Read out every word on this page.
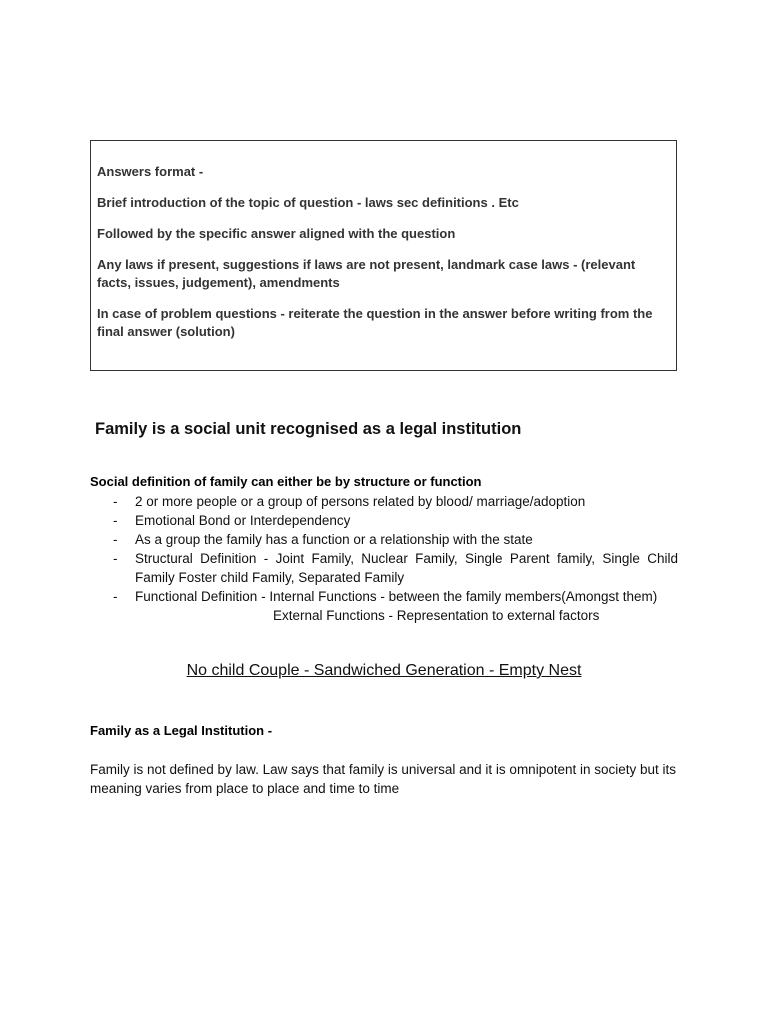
Answers format -

Brief introduction of the topic of question - laws sec definitions . Etc

Followed by the specific answer aligned with the question

Any laws if present, suggestions if laws are not present, landmark case laws - (relevant facts, issues, judgement), amendments

In case of problem questions - reiterate the question in the answer before writing from the final answer (solution)

Family is a social unit recognised as a legal institution
Social definition of family can either be by structure or function
- 2 or more people or a group of persons related by blood/ marriage/adoption
- Emotional Bond or Interdependency
- As a group the family has a function or a relationship with the state
- Structural Definition - Joint Family, Nuclear Family, Single Parent family, Single Child Family Foster child Family, Separated Family
- Functional Definition - Internal Functions - between the family members(Amongst them)
External Functions - Representation to external factors

No child Couple - Sandwiched Generation - Empty Nest

Family as a Legal Institution -

Family is not defined by law. Law says that family is universal and it is omnipotent in society but its meaning varies from place to place and time to time
